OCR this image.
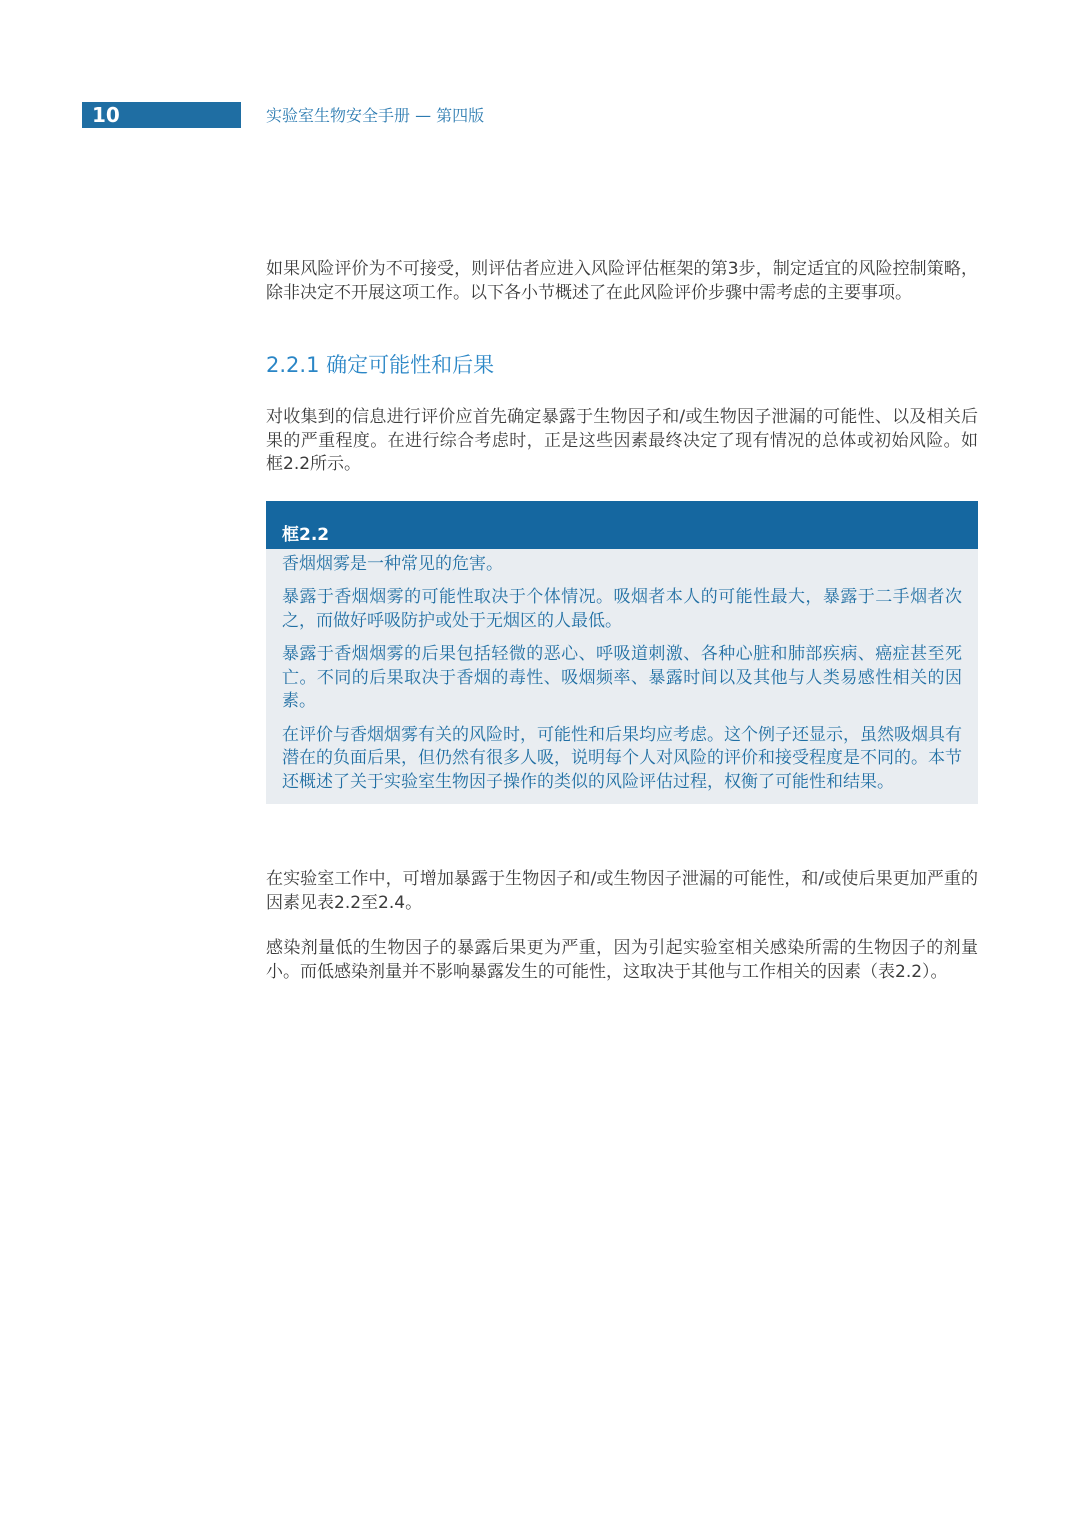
10	实验室生物安全手册 — 第四版

如果风险评价为不可接受，则评估者应进入风险评估框架的第3步，制定适宜的风险控制策略，除非决定不开展这项工作。以下各小节概述了在此风险评价步骤中需考虑的主要事项。

2.2.1 确定可能性和后果

对收集到的信息进行评价应首先确定暴露于生物因子和/或生物因子泄漏的可能性、以及相关后果的严重程度。在进行综合考虑时，正是这些因素最终决定了现有情况的总体或初始风险。如框2.2所示。

框2.2

香烟烟雾是一种常见的危害。

暴露于香烟烟雾的可能性取决于个体情况。吸烟者本人的可能性最大，暴露于二手烟者次之，而做好呼吸防护或处于无烟区的人最低。

暴露于香烟烟雾的后果包括轻微的恶心、呼吸道刺激、各种心脏和肺部疾病、癌症甚至死亡。不同的后果取决于香烟的毒性、吸烟频率、暴露时间以及其他与人类易感性相关的因素。

在评价与香烟烟雾有关的风险时，可能性和后果均应考虑。这个例子还显示，虽然吸烟具有潜在的负面后果，但仍然有很多人吸，说明每个人对风险的评价和接受程度是不同的。本节还概述了关于实验室生物因子操作的类似的风险评估过程，权衡了可能性和结果。

在实验室工作中，可增加暴露于生物因子和/或生物因子泄漏的可能性，和/或使后果更加严重的因素见表2.2至2.4。

感染剂量低的生物因子的暴露后果更为严重，因为引起实验室相关感染所需的生物因子的剂量小。而低感染剂量并不影响暴露发生的可能性，这取决于其他与工作相关的因素（表2.2）。
